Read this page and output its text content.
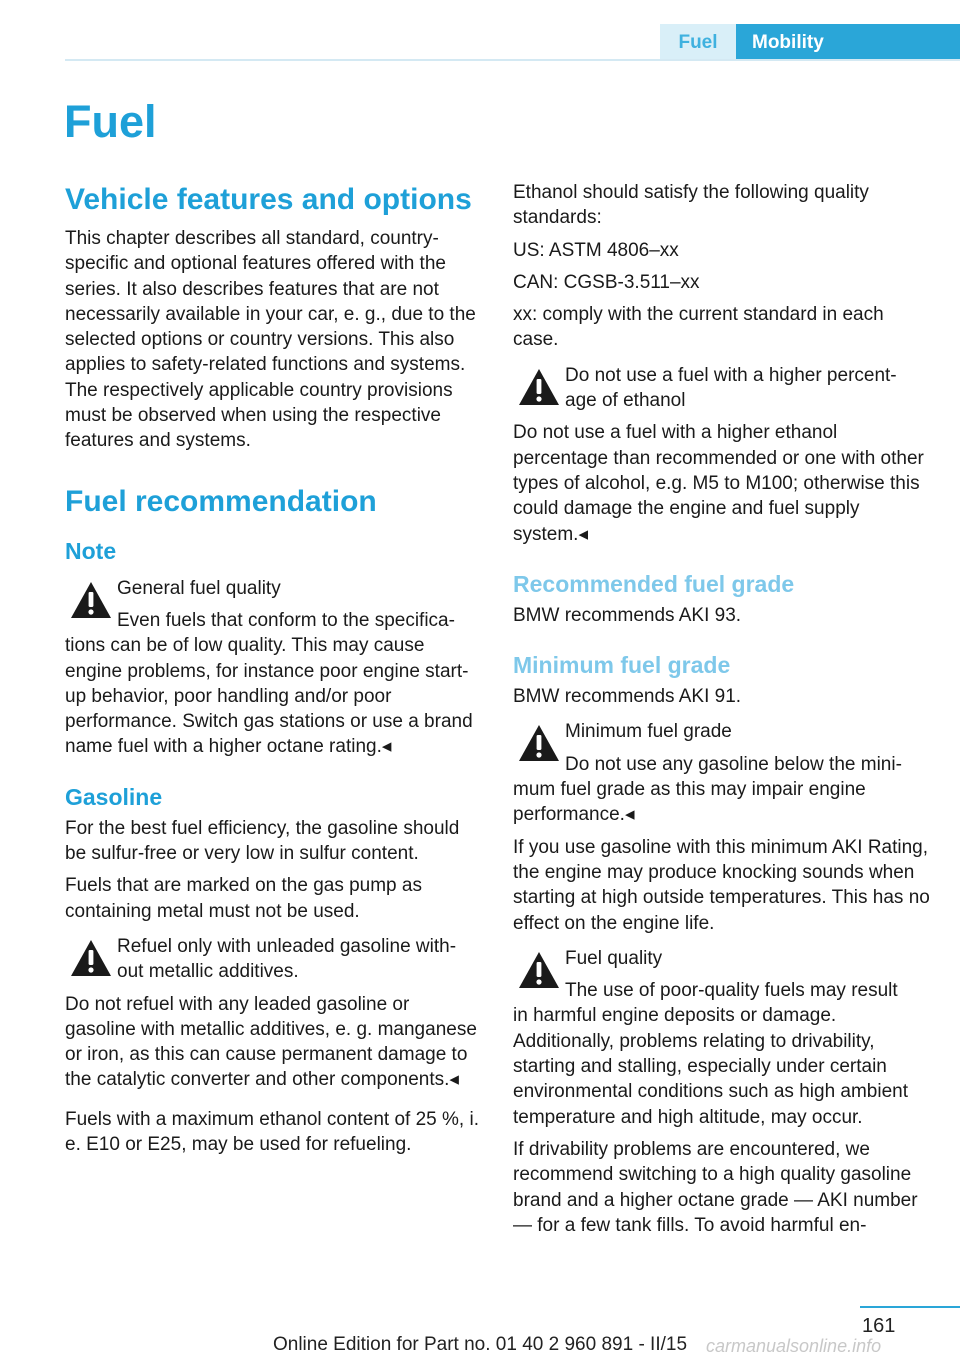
Fuel	Mobility
Fuel
Vehicle features and options

This chapter describes all standard, country-specific and optional features offered with the series. It also describes features that are not necessarily available in your car, e. g., due to the selected options or country versions. This also applies to safety-related functions and systems. The respectively applicable country provisions must be observed when using the respective features and systems.

Fuel recommendation
Note
General fuel quality
Even fuels that conform to the specifica-

tions can be of low quality. This may cause engine problems, for instance poor engine start-up behavior, poor handling and/or poor performance. Switch gas stations or use a brand name fuel with a higher octane rating.◂

Gasoline

For the best fuel efficiency, the gasoline should be sulfur-free or very low in sulfur content.

Fuels that are marked on the gas pump as containing metal must not be used.

Refuel only with unleaded gasoline with-
out metallic additives.

Do not refuel with any leaded gasoline or gasoline with metallic additives, e. g. manganese or iron, as this can cause permanent damage to the catalytic converter and other components.◂

Fuels with a maximum ethanol content of 25 %, i. e. E10 or E25, may be used for refueling.

Ethanol should satisfy the following quality standards:

US: ASTM 4806–xx

CAN: CGSB-3.511–xx

xx: comply with the current standard in each case.

Do not use a fuel with a higher percent-
age of ethanol

Do not use a fuel with a higher ethanol percentage than recommended or one with other types of alcohol, e.g. M5 to M100; otherwise this could damage the engine and fuel supply system.◂

Recommended fuel grade

BMW recommends AKI 93.

Minimum fuel grade

BMW recommends AKI 91.

Minimum fuel grade
Do not use any gasoline below the mini-

mum fuel grade as this may impair engine performance.◂

If you use gasoline with this minimum AKI Rating, the engine may produce knocking sounds when starting at high outside temperatures. This has no effect on the engine life.

Fuel quality
The use of poor-quality fuels may result

in harmful engine deposits or damage. Additionally, problems relating to drivability, starting and stalling, especially under certain environmental conditions such as high ambient temperature and high altitude, may occur.

If drivability problems are encountered, we recommend switching to a high quality gasoline brand and a higher octane grade — AKI number — for a few tank fills. To avoid harmful en-

161
Online Edition for Part no. 01 40 2 960 891 - II/15	carmanualsonline.info
